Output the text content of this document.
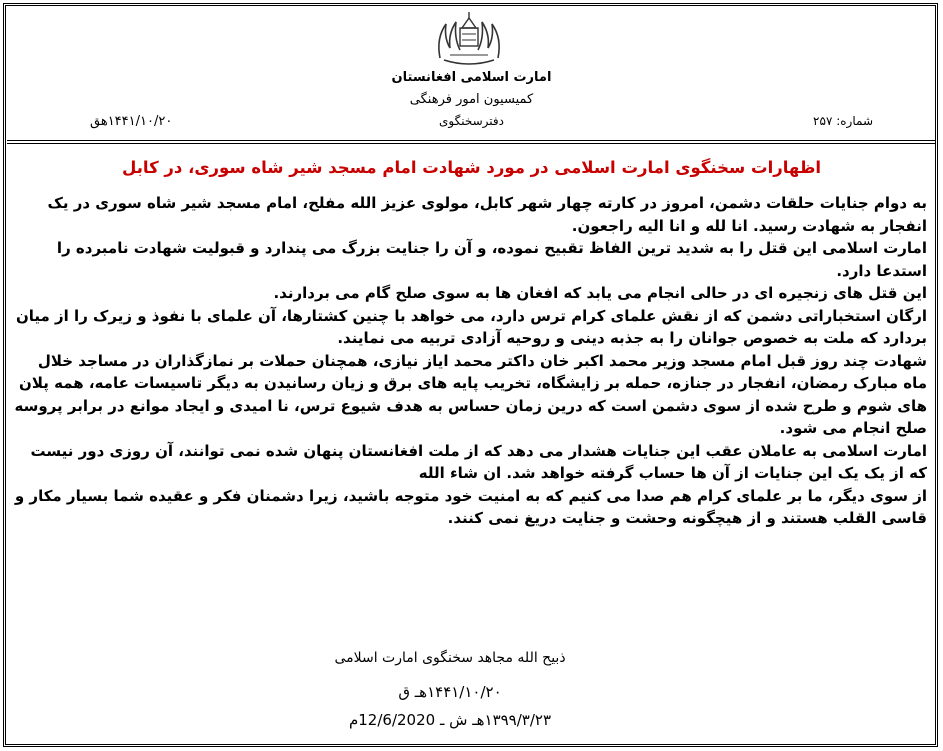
امارت اسلامی افغانستان
کمیسیون امور فرهنگی
دفترسخنگوی	شماره: ۲۵۷
۱۴۴۱/۱۰/۲۰هق
اظهارات سخنگوی امارت اسلامی در مورد شهادت امام مسجد شیر شاه سوری، در کابل

به دوام جنایات حلقات دشمن، امروز در کارته چهار شهر کابل، مولوی عزیز الله مفلح، امام مسجد شیر شاه سوری در یک انفجار به شهادت رسید. انا لله و انا الیه راجعون.

امارت اسلامی این قتل را به شدید ترین الفاظ تقبیح نموده، و آن را جنایت بزرگ می پندارد و قبولیت شهادت نامبرده را استدعا دارد.

این قتل های زنجیره ای در حالی انجام می یابد که افغان ها به سوی صلح گام می بردارند.

ارگان استخباراتی دشمن که از نقش علمای کرام ترس دارد، می خواهد با چنین کشتارها، آن علمای با نفوذ و زیرک را از میان بردارد که ملت به خصوص جوانان را به جذبه دینی و روحیه آزادی تربیه می نمایند.

شهادت چند روز قبل امام مسجد وزیر محمد اکبر خان داکتر محمد ایاز نیازی، همچنان حملات بر نمازگذاران در مساجد خلال ماه مبارک رمضان، انفجار در جنازه، حمله بر زایشگاه، تخریب پایه های برق و زیان رسانیدن به دیگر تاسیسات عامه، همه پلان های شوم و طرح شده از سوی دشمن است که درین زمان حساس به هدف شیوع ترس، نا امیدی و ایجاد موانع در برابر پروسه صلح انجام می شود.

امارت اسلامی به عاملان عقب این جنایات هشدار می دهد که از ملت افغانستان پنهان شده نمی توانند، آن روزی دور نیست که از یک یک این جنایات از آن ها حساب گرفته خواهد شد. ان شاء الله

از سوی دیگر، ما بر علمای کرام هم صدا می کنیم که به امنیت خود متوجه باشید، زیرا دشمنان فکر و عقیده شما بسیار مکار و قاسی القلب هستند و از هیچگونه وحشت و جنایت دریغ نمی کنند.

ذبیح الله مجاهد سخنگوی امارت اسلامی
۱۴۴۱/۱۰/۲۰هـ ق
۱۳۹۹/۳/۲۳هـ ش ـ 12/6/2020م
